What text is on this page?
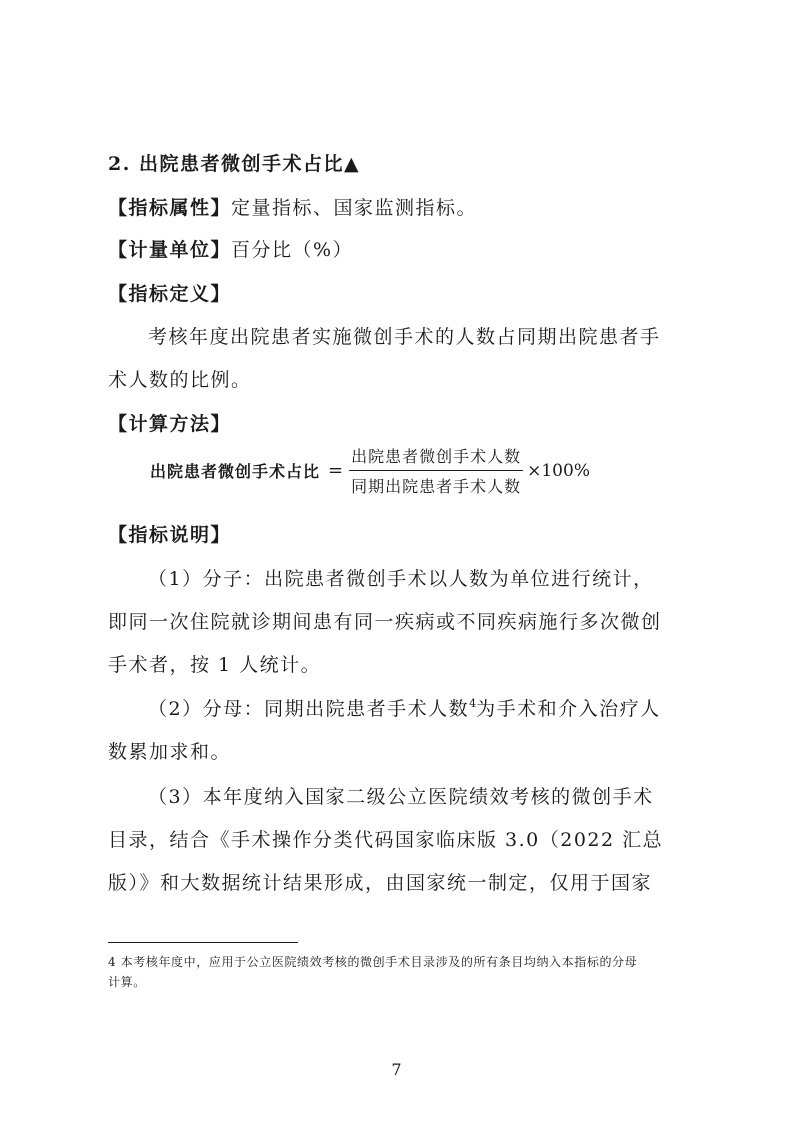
2. 出院患者微创手术占比▲
【指标属性】定量指标、国家监测指标。
【计量单位】百分比（%）
【指标定义】
考核年度出院患者实施微创手术的人数占同期出院患者手
术人数的比例。
【计算方法】
出院患者微创手术占比 = $\frac{\text{出院患者微创手术人数}}{\text{同期出院患者手术人数}} \times 100\%$
【指标说明】
（1）分子：出院患者微创手术以人数为单位进行统计，
即同一次住院就诊期间患有同一疾病或不同疾病施行多次微创
手术者，按 1 人统计。
（2）分母：同期出院患者手术人数$^4$为手术和介入治疗人
数累加求和。
（3）本年度纳入国家二级公立医院绩效考核的微创手术
目录，结合《手术操作分类代码国家临床版 3.0（2022 汇总
版）》和大数据统计结果形成，由国家统一制定，仅用于国家
4 本考核年度中，应用于公立医院绩效考核的微创手术目录涉及的所有条目均纳入本指标的分母
计算。
7
